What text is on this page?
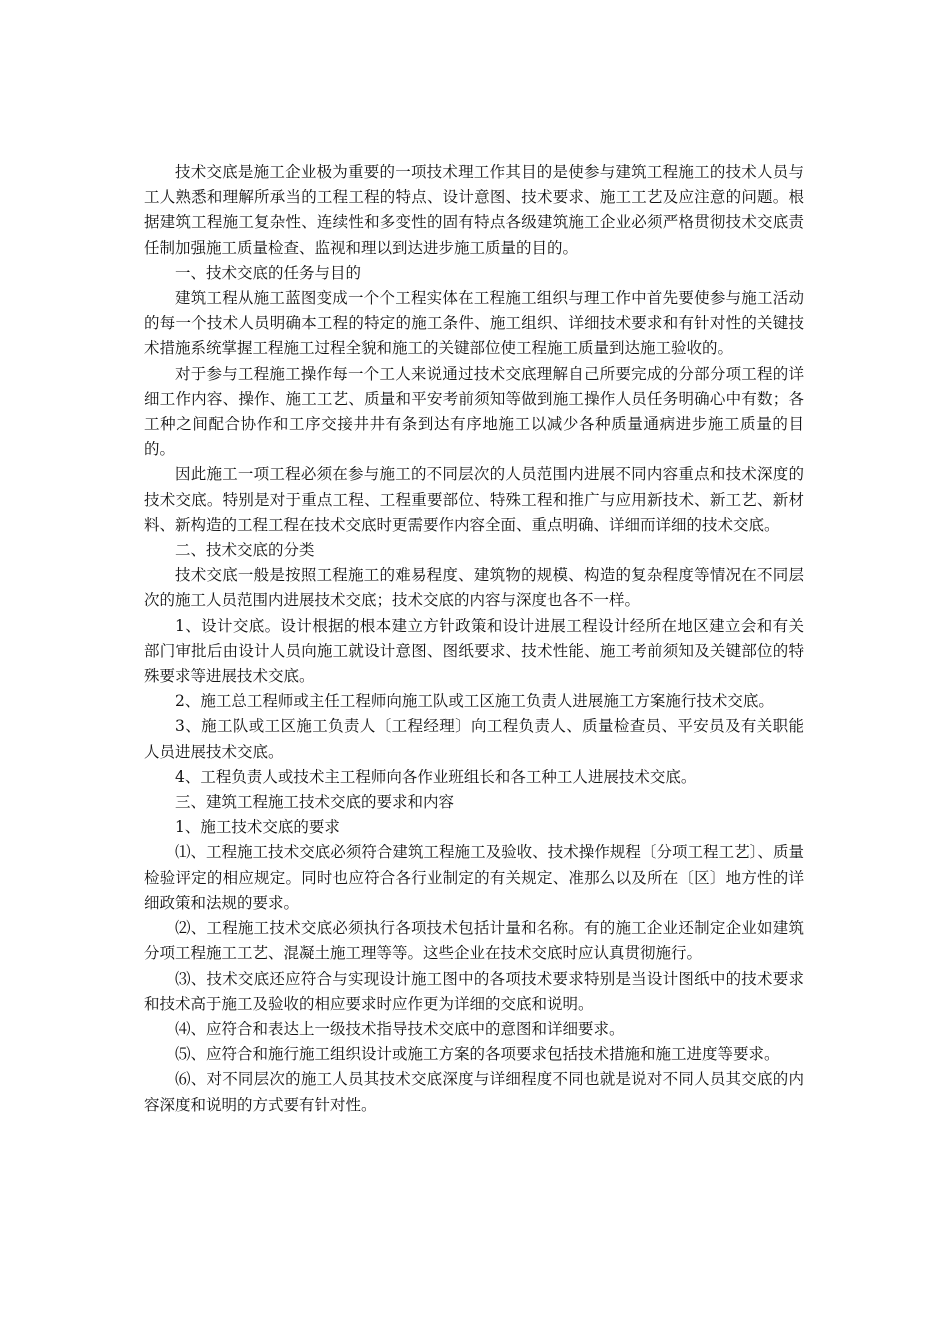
技术交底是施工企业极为重要的一项技术理工作其目的是使参与建筑工程施工的技术人员与工人熟悉和理解所承当的工程工程的特点、设计意图、技术要求、施工工艺及应注意的问题。根据建筑工程施工复杂性、连续性和多变性的固有特点各级建筑施工企业必须严格贯彻技术交底责任制加强施工质量检查、监视和理以到达进步施工质量的目的。

一、技术交底的任务与目的

建筑工程从施工蓝图变成一个个工程实体在工程施工组织与理工作中首先要使参与施工活动的每一个技术人员明确本工程的特定的施工条件、施工组织、详细技术要求和有针对性的关键技术措施系统掌握工程施工过程全貌和施工的关键部位使工程施工质量到达施工验收的。

对于参与工程施工操作每一个工人来说通过技术交底理解自己所要完成的分部分项工程的详细工作内容、操作、施工工艺、质量和平安考前须知等做到施工操作人员任务明确心中有数；各工种之间配合协作和工序交接井井有条到达有序地施工以减少各种质量通病进步施工质量的目的。

因此施工一项工程必须在参与施工的不同层次的人员范围内进展不同内容重点和技术深度的技术交底。特别是对于重点工程、工程重要部位、特殊工程和推广与应用新技术、新工艺、新材料、新构造的工程工程在技术交底时更需要作内容全面、重点明确、详细而详细的技术交底。

二、技术交底的分类

技术交底一般是按照工程施工的难易程度、建筑物的规模、构造的复杂程度等情况在不同层次的施工人员范围内进展技术交底；技术交底的内容与深度也各不一样。

1、设计交底。设计根据的根本建立方针政策和设计进展工程设计经所在地区建立会和有关部门审批后由设计人员向施工就设计意图、图纸要求、技术性能、施工考前须知及关键部位的特殊要求等进展技术交底。

2、施工总工程师或主任工程师向施工队或工区施工负责人进展施工方案施行技术交底。

3、施工队或工区施工负责人〔工程经理〕向工程负责人、质量检查员、平安员及有关职能人员进展技术交底。

4、工程负责人或技术主工程师向各作业班组长和各工种工人进展技术交底。

三、建筑工程施工技术交底的要求和内容

1、施工技术交底的要求

⑴、工程施工技术交底必须符合建筑工程施工及验收、技术操作规程〔分项工程工艺〕、质量检验评定的相应规定。同时也应符合各行业制定的有关规定、准那么以及所在〔区〕地方性的详细政策和法规的要求。

⑵、工程施工技术交底必须执行各项技术包括计量和名称。有的施工企业还制定企业如建筑分项工程施工工艺、混凝土施工理等等。这些企业在技术交底时应认真贯彻施行。

⑶、技术交底还应符合与实现设计施工图中的各项技术要求特别是当设计图纸中的技术要求和技术高于施工及验收的相应要求时应作更为详细的交底和说明。

⑷、应符合和表达上一级技术指导技术交底中的意图和详细要求。

⑸、应符合和施行施工组织设计或施工方案的各项要求包括技术措施和施工进度等要求。

⑹、对不同层次的施工人员其技术交底深度与详细程度不同也就是说对不同人员其交底的内容深度和说明的方式要有针对性。
